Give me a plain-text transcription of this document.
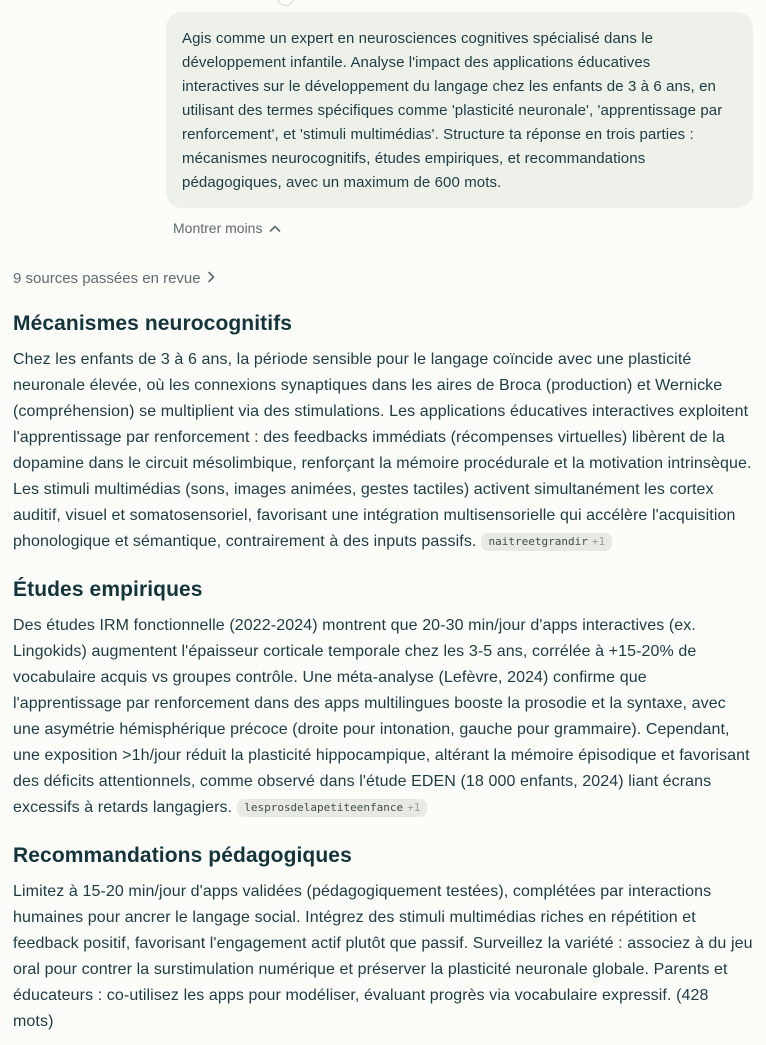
Agis comme un expert en neurosciences cognitives spécialisé dans le développement infantile. Analyse l'impact des applications éducatives interactives sur le développement du langage chez les enfants de 3 à 6 ans, en utilisant des termes spécifiques comme 'plasticité neuronale', 'apprentissage par renforcement', et 'stimuli multimédias'. Structure ta réponse en trois parties : mécanismes neurocognitifs, études empiriques, et recommandations pédagogiques, avec un maximum de 600 mots.
Montrer moins
9 sources passées en revue
Mécanismes neurocognitifs

Chez les enfants de 3 à 6 ans, la période sensible pour le langage coïncide avec une plasticité neuronale élevée, où les connexions synaptiques dans les aires de Broca (production) et Wernicke (compréhension) se multiplient via des stimulations. Les applications éducatives interactives exploitent l'apprentissage par renforcement : des feedbacks immédiats (récompenses virtuelles) libèrent de la dopamine dans le circuit mésolimbique, renforçant la mémoire procédurale et la motivation intrinsèque. Les stimuli multimédias (sons, images animées, gestes tactiles) activent simultanément les cortex auditif, visuel et somatosensoriel, favorisant une intégration multisensorielle qui accélère l'acquisition phonologique et sémantique, contrairement à des inputs passifs. naitreetgrandir +1

Études empiriques

Des études IRM fonctionnelle (2022-2024) montrent que 20-30 min/jour d'apps interactives (ex. Lingokids) augmentent l'épaisseur corticale temporale chez les 3-5 ans, corrélée à +15-20% de vocabulaire acquis vs groupes contrôle. Une méta-analyse (Lefèvre, 2024) confirme que l'apprentissage par renforcement dans des apps multilingues booste la prosodie et la syntaxe, avec une asymétrie hémisphérique précoce (droite pour intonation, gauche pour grammaire). Cependant, une exposition >1h/jour réduit la plasticité hippocampique, altérant la mémoire épisodique et favorisant des déficits attentionnels, comme observé dans l'étude EDEN (18 000 enfants, 2024) liant écrans excessifs à retards langagiers. lesprosdelapetiteenfance +1

Recommandations pédagogiques

Limitez à 15-20 min/jour d'apps validées (pédagogiquement testées), complétées par interactions humaines pour ancrer le langage social. Intégrez des stimuli multimédias riches en répétition et feedback positif, favorisant l'engagement actif plutôt que passif. Surveillez la variété : associez à du jeu oral pour contrer la surstimulation numérique et préserver la plasticité neuronale globale. Parents et éducateurs : co-utilisez les apps pour modéliser, évaluant progrès via vocabulaire expressif. (428 mots)
